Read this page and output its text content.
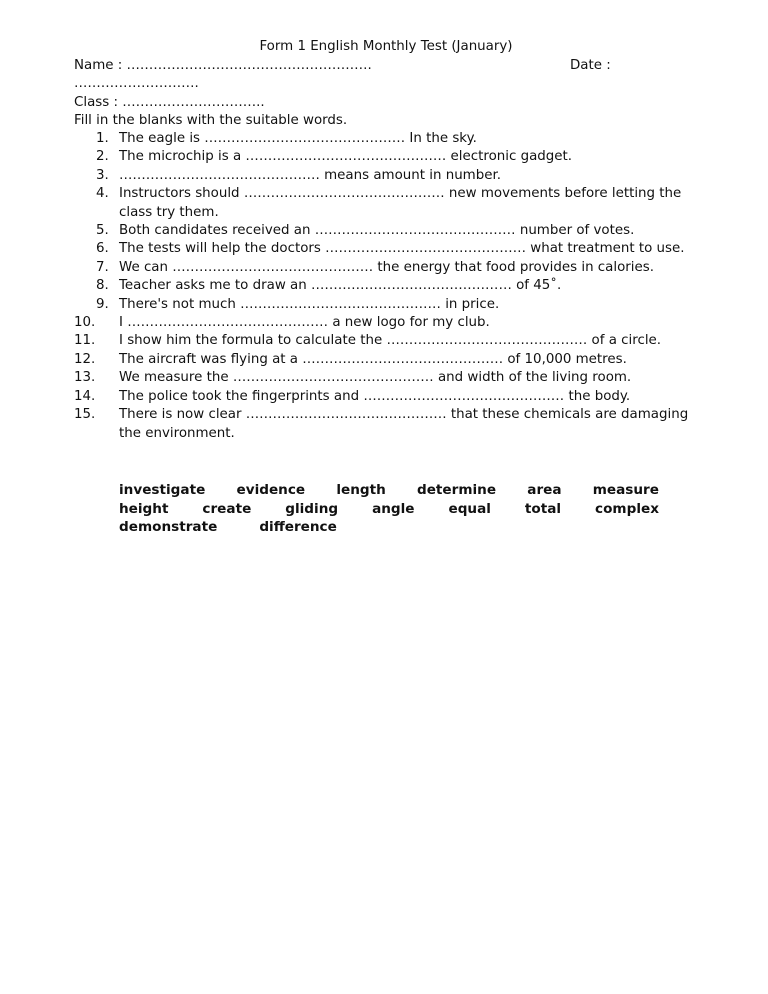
Form 1 English Monthly Test (January)
Name : ……………………………………………….	Date :
……………………….
Class : …………………………..
Fill in the blanks with the suitable words.
1. The eagle is ……………………………………… In the sky.
2. The microchip is a ……………………………………… electronic gadget.
3. ……………………………………… means amount in number.
4. Instructors should ……………………………………… new movements before letting the class try them.
5. Both candidates received an ……………………………………… number of votes.
6. The tests will help the doctors ……………………………………… what treatment to use.
7. We can ……………………………………… the energy that food provides in calories.
8. Teacher asks me to draw an ……………………………………… of 45˚.
9. There's not much ……………………………………… in price.
10. I ……………………………………… a new logo for my club.
11. I show him the formula to calculate the ……………………………………… of a circle.
12. The aircraft was flying at a ……………………………………… of 10,000 metres.
13. We measure the ……………………………………… and width of the living room.
14. The police took the fingerprints and ……………………………………… the body.
15. There is now clear ……………………………………… that these chemicals are damaging the environment.
investigate evidence length determine area measure
height create gliding angle equal total complex
demonstrate	difference
